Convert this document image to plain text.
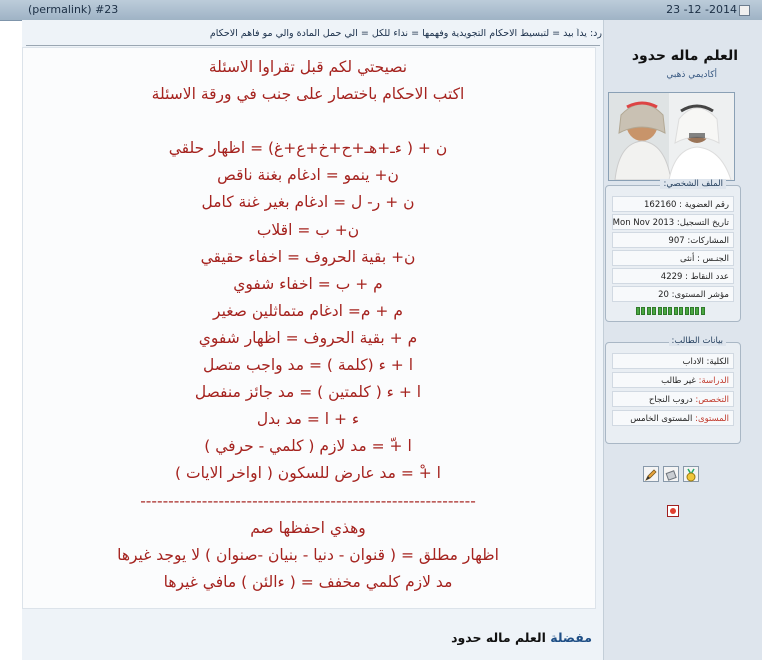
(permalink) #23	23 -12 -2014
رد: يداً بيد = لتبسيط الاحكام التجويدية وفهمها = نداء للكل = الي حمل المادة والي مو فاهم الاحكام
نصيحتي لكم قبل تقراوا الاسئلة
اكتب الاحكام باختصار على جنب في ورقة الاسئلة
ن + ( ءـ+هـ+ح+خ+ع+غ) = اظهار حلقي
ن+ ينمو = ادغام بغنة ناقص
ن + ر- ل = ادغام بغير غنة كامل
ن+ ب = اقلاب
ن+ بقية الحروف = اخفاء حقيقي
م + ب = اخفاء شفوي
م + م= ادغام متماثلين صغير
م + بقية الحروف = اظهار شفوي
ا + ء (كلمة ) = مد واجب متصل
ا + ء ( كلمتين ) = مد جائز منفصل
ء + ا = مد بدل
ا +ّ = مد لازم ( كلمي - حرفي )
ا +ْ = مد عارض للسكون ( اواخر الايات )
------------------------------------------------------------
وهذي احفظها صم
اظهار مطلق = ( قنوان - دنيا - بنيان -صنوان ) لا يوجد غيرها
مد لازم كلمي مخفف = ( ءالئن ) مافي غيرها
مفضلة العلم ماله حدود
العلم ماله حدود
أكاديمي ذهبي
الملف الشخصي:
رقم العضوية : 162160
تاريخ التسجيل: Mon Nov 2013
المشاركات: 907
الجنـس : أنثى
عدد النقاط : 4229
مؤشر المستوى: 20
بيانات الطالب:
الكلية: الاداب
الدراسة: غير طالب
التخصص: دروب النجاح
المستوى: المستوى الخامس
